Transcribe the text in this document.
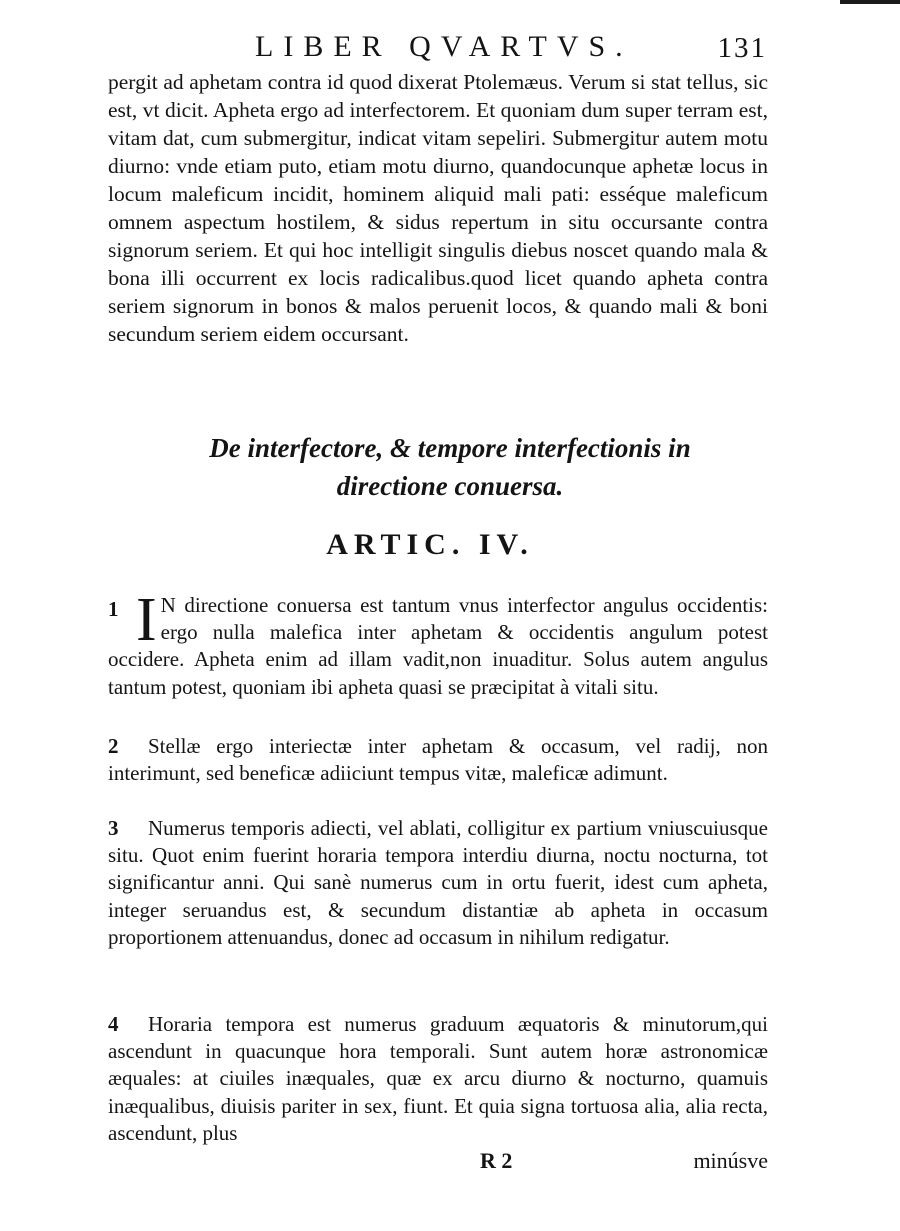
LIBER QVARTVS.	131

pergit ad aphetam contra id quod dixerat Ptolemæus. Verum si stat tellus, sic est, vt dicit. Apheta ergo ad interfectorem. Et quoniam dum super terram est, vitam dat, cum submergitur, indicat vitam sepeliri. Submergitur autem motu diurno: vnde etiam puto, etiam motu diurno, quandocunque aphetæ locus in locum maleficum incidit, hominem aliquid mali pati: esséque maleficum omnem aspectum hostilem, & sidus repertum in situ occursante contra signorum seriem. Et qui hoc intelligit singulis diebus noscet quando mala & bona illi occurrent ex locis radicalibus.quod licet quando apheta contra seriem signorum in bonos & malos peruenit locos, & quando mali & boni secundum seriem eidem occursant.

De interfectore, & tempore interfectionis in
directione conuersa.
ARTIC. IV.
1 I N directione conuersa est tantum vnus interfector angulus occidentis: ergo nulla malefica inter aphetam & occidentis angulum potest occidere. Apheta enim ad illam vadit,non inuaditur. Solus autem angulus tantum potest, quoniam ibi apheta quasi se præcipitat à vitali situ.
2 Stellæ ergo interiectæ inter aphetam & occasum, vel radij, non interimunt, sed beneficæ adiiciunt tempus vitæ, maleficæ adimunt.
3 Numerus temporis adiecti, vel ablati, colligitur ex partium vniuscuiusque situ. Quot enim fuerint horaria tempora interdiu diurna, noctu nocturna, tot significantur anni. Qui sanè numerus cum in ortu fuerit, idest cum apheta, integer seruandus est, & secundum distantiæ ab apheta in occasum proportionem attenuandus, donec ad occasum in nihilum redigatur.
4 Horaria tempora est numerus graduum æquatoris & minutorum,qui ascendunt in quacunque hora temporali. Sunt autem horæ astronomicæ æquales: at ciuiles inæquales, quæ ex arcu diurno & nocturno, quamuis inæqualibus, diuisis pariter in sex, fiunt. Et quia signa tortuosa alia, alia recta, ascendunt, plus
R 2	minúsve
